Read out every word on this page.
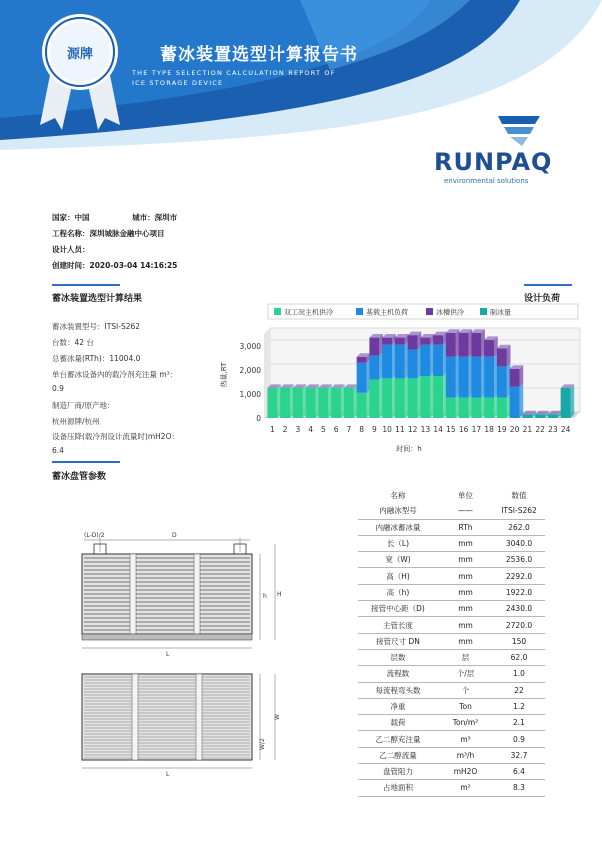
源牌	蓄冰装置选型计算报告书
THE TYPE SELECTION CALCULATION REPORT OF
ICE STORAGE DEVICE
RUNPAQ
environmental solutions
国家：中国	城市：深圳市
工程名称：深圳城脉金融中心项目
设计人员：
创建时间：2020-03-04 14:16:25
蓄冰装置选型计算结果	设计负荷
蓄冰装置型号：ITSI-S262
台数：42 台
总蓄冰量(RTh)：11004.0
单台蓄冰设备内的载冷剂充注量 m³：
0.9
制造厂商/原产地：
杭州源牌/杭州
设备压降(载冷剂设计流量时)mH2O：
6.4
0
1,000
2,000
3,000
热量,RT
1 2 3 4 5 6 7 8 9 10 11 12 13 14 15 16 17 18 19 20 21 22 23 24
时间：h
双工况主机供冷	基载主机负荷	冰槽供冷	制冰量
蓄冰盘管参数
(L-D)/2	D
h H
L
W/2
W
L
名称	单位	数值
内融冰型号	——	ITSI-S262
内融冰蓄冰量	RTh	262.0
长（L)	mm	3040.0
宽（W)	mm	2536.0
高（H)	mm	2292.0
高（h)	mm	1922.0
接管中心距（D)	mm	2430.0
主管长度	mm	2720.0
接管尺寸 DN	mm	150
层数	层	62.0
流程数	个/层	1.0
每流程弯头数	个	22
净重	Ton	1.2
载荷	Ton/m²	2.1
乙二醇充注量	m³	0.9
乙二醇流量	m³/h	32.7
盘管阻力	mH2O	6.4
占地面积	m²	8.3
